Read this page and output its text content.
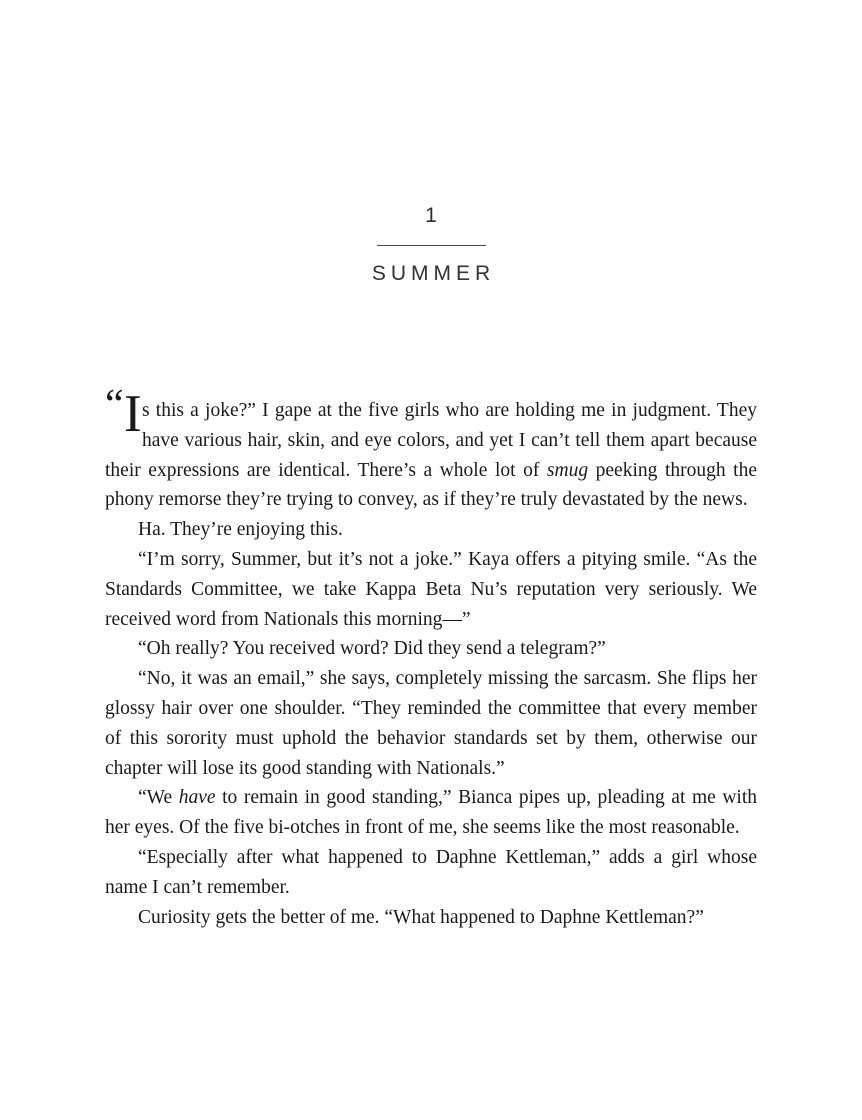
1
SUMMER

“ I s this a joke?” I gape at the five girls who are holding me in judgment. They have various hair, skin, and eye colors, and yet I can’t tell them apart because their expressions are identical. There’s a whole lot of smug peeking through the phony remorse they’re trying to convey, as if they’re truly devastated by the news.

Ha. They’re enjoying this.

“I’m sorry, Summer, but it’s not a joke.” Kaya offers a pitying smile. “As the Standards Committee, we take Kappa Beta Nu’s reputation very seriously. We received word from Nationals this morning—”

“Oh really? You received word? Did they send a telegram?”

“No, it was an email,” she says, completely missing the sarcasm. She flips her glossy hair over one shoulder. “They reminded the committee that every member of this sorority must uphold the behavior standards set by them, otherwise our chapter will lose its good standing with Nationals.”

“We have to remain in good standing,” Bianca pipes up, pleading at me with her eyes. Of the five bi-otches in front of me, she seems like the most reasonable.

“Especially after what happened to Daphne Kettleman,” adds a girl whose name I can’t remember.

Curiosity gets the better of me. “What happened to Daphne Kettleman?”
